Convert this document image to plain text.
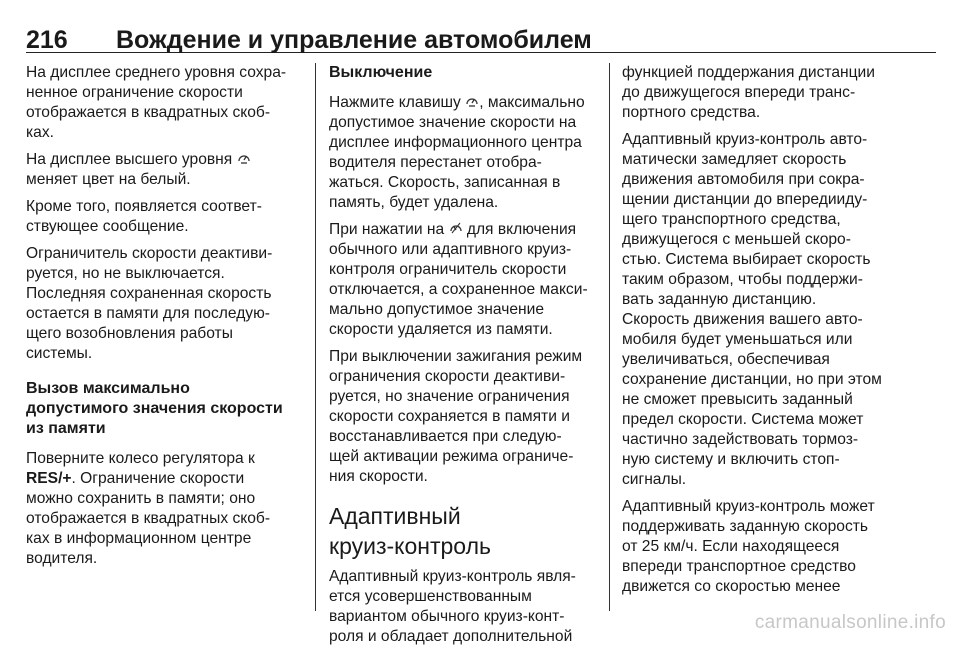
216 Вождение и управление автомобилем

На дисплее среднего уровня сохра-
ненное ограничение скорости
отображается в квадратных скоб-
ках.

На дисплее высшего уровня
меняет цвет на белый.

Кроме того, появляется соответ-
ствующее сообщение.

Ограничитель скорости деактиви-
руется, но не выключается.
Последняя сохраненная скорость
остается в памяти для последую-
щего возобновления работы
системы.

Вызов максимально
допустимого значения скорости
из памяти

Поверните колесо регулятора к
RES/+. Ограничение скорости
можно сохранить в памяти; оно
отображается в квадратных скоб-
ках в информационном центре
водителя.

Выключение

Нажмите клавишу , максимально
допустимое значение скорости на
дисплее информационного центра
водителя перестанет отобра-
жаться. Скорость, записанная в
память, будет удалена.

При нажатии на для включения
обычного или адаптивного круиз-
контроля ограничитель скорости
отключается, а сохраненное макси-
мально допустимое значение
скорости удаляется из памяти.

При выключении зажигания режим
ограничения скорости деактиви-
руется, но значение ограничения
скорости сохраняется в памяти и
восстанавливается при следую-
щей активации режима ограниче-
ния скорости.

Адаптивный
круиз-контроль

Адаптивный круиз-контроль явля-
ется усовершенствованным
вариантом обычного круиз-конт-
роля и обладает дополнительной

функцией поддержания дистанции
до движущегося впереди транс-
портного средства.

Адаптивный круиз-контроль авто-
матически замедляет скорость
движения автомобиля при сокра-
щении дистанции до впередииду-
щего транспортного средства,
движущегося с меньшей скоро-
стью. Система выбирает скорость
таким образом, чтобы поддержи-
вать заданную дистанцию.
Скорость движения вашего авто-
мобиля будет уменьшаться или
увеличиваться, обеспечивая
сохранение дистанции, но при этом
не сможет превысить заданный
предел скорости. Система может
частично задействовать тормоз-
ную систему и включить стоп-
сигналы.

Адаптивный круиз-контроль может
поддерживать заданную скорость
от 25 км/ч. Если находящееся
впереди транспортное средство
движется со скоростью менее

carmanualsonline.info
